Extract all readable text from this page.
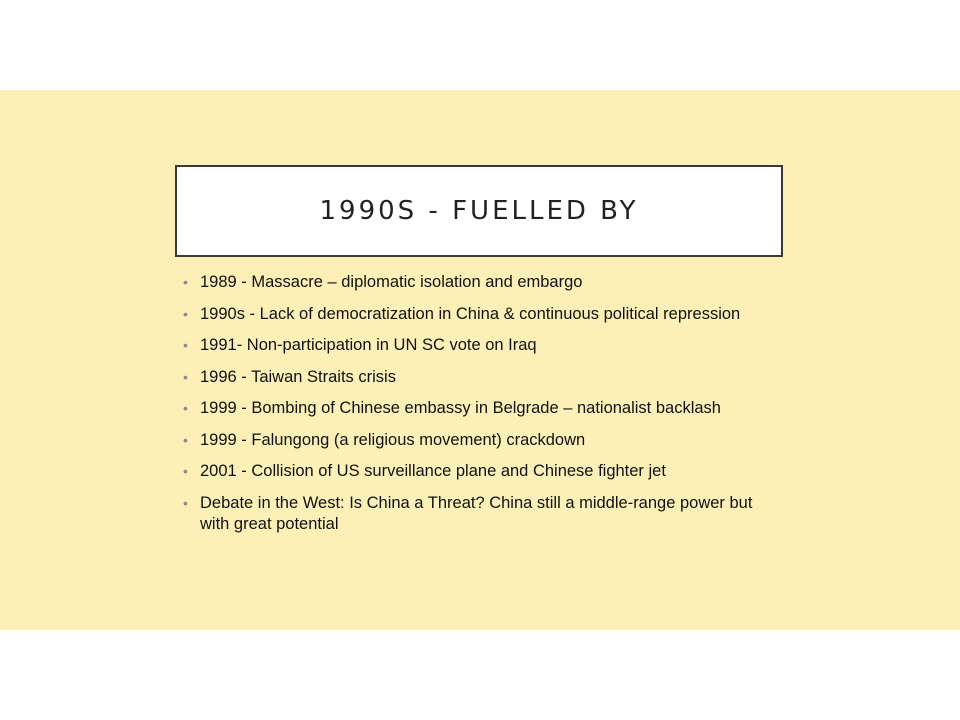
1990S - FUELLED BY
• 1989 - Massacre – diplomatic isolation and embargo
• 1990s - Lack of democratization in China & continuous political repression
• 1991- Non-participation in UN SC vote on Iraq
• 1996 - Taiwan Straits crisis
• 1999 - Bombing of Chinese embassy in Belgrade – nationalist backlash
• 1999 - Falungong (a religious movement) crackdown
• 2001 - Collision of US surveillance plane and Chinese fighter jet
• Debate in the West: Is China a Threat? China still a middle-range power but with great potential
